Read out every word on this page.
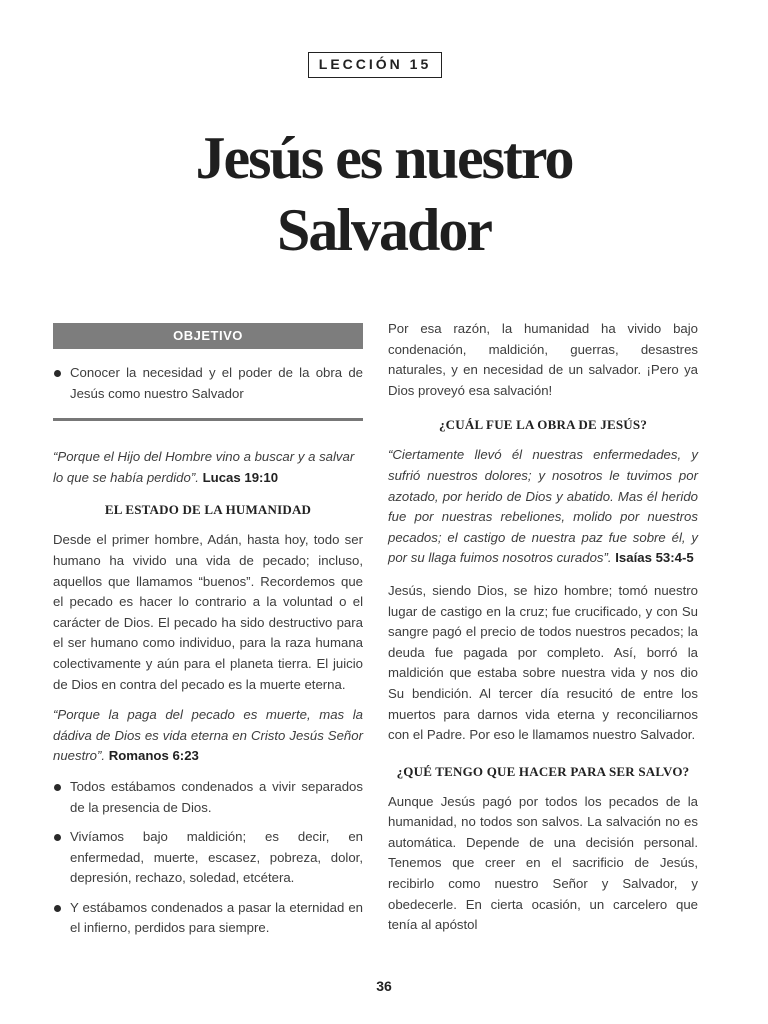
LECCIÓN 15
Jesús es nuestro
Salvador
OBJETIVO
Conocer la necesidad y el poder de la obra de Jesús como nuestro Salvador

“Porque el Hijo del Hombre vino a buscar y a salvar lo que se había perdido”. Lucas 19:10

EL ESTADO DE LA HUMANIDAD

Desde el primer hombre, Adán, hasta hoy, todo ser humano ha vivido una vida de pecado; incluso, aquellos que llamamos “buenos”. Recordemos que el pecado es hacer lo contrario a la voluntad o el carácter de Dios. El pecado ha sido destructivo para el ser humano como individuo, para la raza humana colectivamente y aún para el planeta tierra. El juicio de Dios en contra del pecado es la muerte eterna.

“Porque la paga del pecado es muerte, mas la dádiva de Dios es vida eterna en Cristo Jesús Señor nuestro”. Romanos 6:23

Todos estábamos condenados a vivir separados de la presencia de Dios.
Vivíamos bajo maldición; es decir, en enfermedad, muerte, escasez, pobreza, dolor, depresión, rechazo, soledad, etcétera.
Y estábamos condenados a pasar la eternidad en el infierno, perdidos para siempre.

Por esa razón, la humanidad ha vivido bajo condenación, maldición, guerras, desastres naturales, y en necesidad de un salvador. ¡Pero ya Dios proveyó esa salvación!

¿CUÁL FUE LA OBRA DE JESÚS?

“Ciertamente llevó él nuestras enfermedades, y sufrió nuestros dolores; y nosotros le tuvimos por azotado, por herido de Dios y abatido. Mas él herido fue por nuestras rebeliones, molido por nuestros pecados; el castigo de nuestra paz fue sobre él, y por su llaga fuimos nosotros curados”. Isaías 53:4-5

Jesús, siendo Dios, se hizo hombre; tomó nuestro lugar de castigo en la cruz; fue crucificado, y con Su sangre pagó el precio de todos nuestros pecados; la deuda fue pagada por completo. Así, borró la maldición que estaba sobre nuestra vida y nos dio Su bendición. Al tercer día resucitó de entre los muertos para darnos vida eterna y reconciliarnos con el Padre. Por eso le llamamos nuestro Salvador.

¿QUÉ TENGO QUE HACER PARA SER SALVO?

Aunque Jesús pagó por todos los pecados de la humanidad, no todos son salvos. La salvación no es automática. Depende de una decisión personal. Tenemos que creer en el sacrificio de Jesús, recibirlo como nuestro Señor y Salvador, y obedecerle. En cierta ocasión, un carcelero que tenía al apóstol

36
